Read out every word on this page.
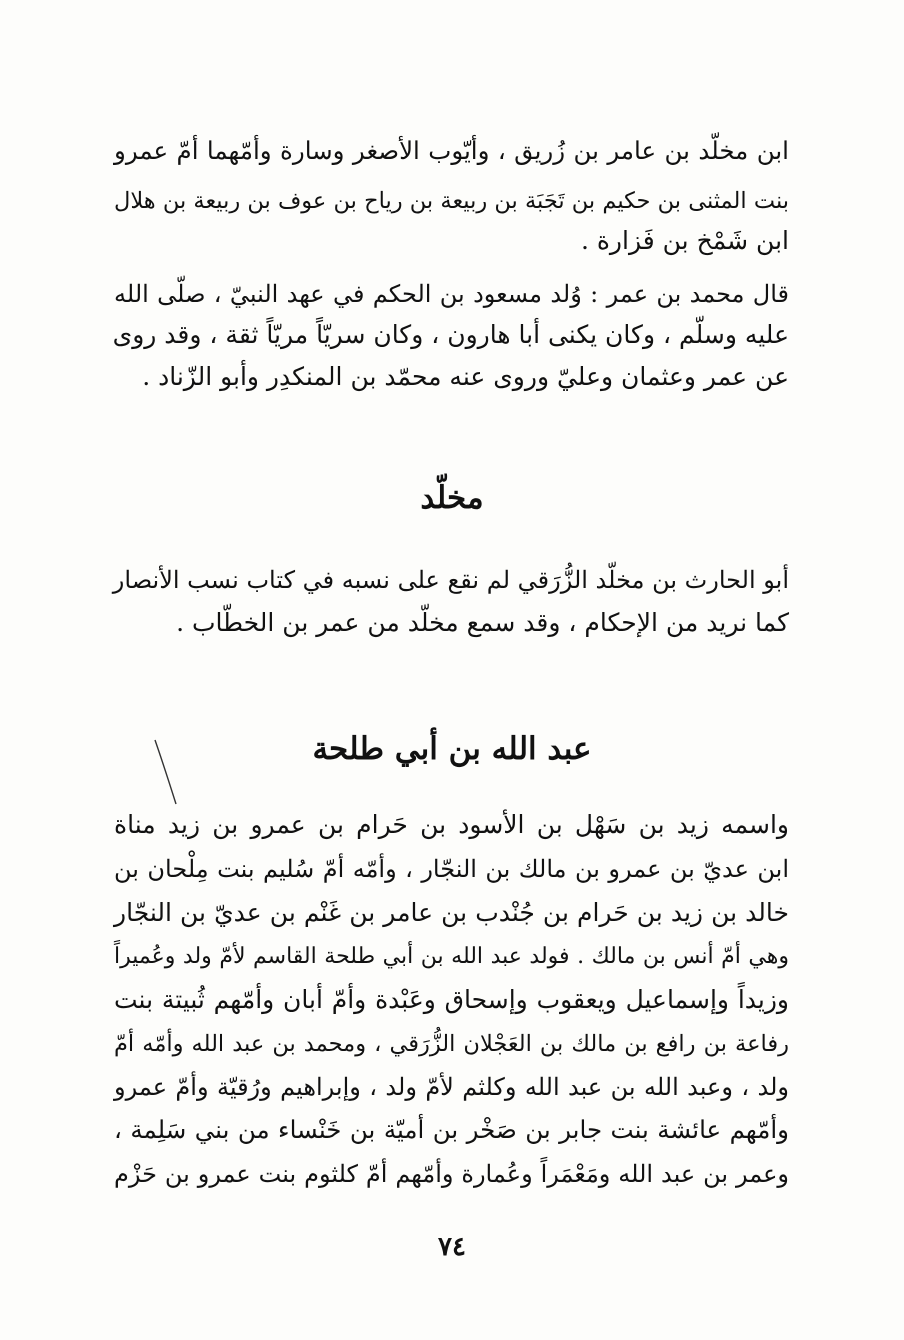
ابن مخلّد بن عامر بن زُريق ، وأيّوب الأصغر وسارة وأمّهما أمّ عمرو
بنت المثنى بن حكيم بن تَجَبَة بن ربيعة بن رياح بن عوف بن ربيعة بن هلال
ابن شَمْخ بن فَزارة .
قال محمد بن عمر : وُلد مسعود بن الحكم في عهد النبيّ ، صلّى الله
عليه وسلّم ، وكان يكنى أبا هارون ، وكان سريّاً مريّاً ثقة ، وقد روى
عن عمر وعثمان وعليّ وروى عنه محمّد بن المنكدِر وأبو الزّناد .
مخلّد
أبو الحارث بن مخلّد الزُّرَقي لم نقع على نسبه في كتاب نسب الأنصار
كما نريد من الإحكام ، وقد سمع مخلّد من عمر بن الخطّاب .
عبد الله بن أبي طلحة
واسمه زيد بن سَهْل بن الأسود بن حَرام بن عمرو بن زيد مناة
ابن عديّ بن عمرو بن مالك بن النجّار ، وأمّه أمّ سُليم بنت مِلْحان بن
خالد بن زيد بن حَرام بن جُنْدب بن عامر بن غَنْم بن عديّ بن النجّار
وهي أمّ أنس بن مالك . فولد عبد الله بن أبي طلحة القاسم لأمّ ولد وعُميراً
وزيداً وإسماعيل ويعقوب وإسحاق وعَبْدة وأمّ أبان وأمّهم ثُبيتة بنت
رفاعة بن رافع بن مالك بن العَجْلان الزُّرَقي ، ومحمد بن عبد الله وأمّه أمّ
ولد ، وعبد الله بن عبد الله وكلثم لأمّ ولد ، وإبراهيم ورُقيّة وأمّ عمرو
وأمّهم عائشة بنت جابر بن صَخْر بن أميّة بن خَنْساء من بني سَلِمة ،
وعمر بن عبد الله ومَعْمَراً وعُمارة وأمّهم أمّ كلثوم بنت عمرو بن حَزْم
٧٤
